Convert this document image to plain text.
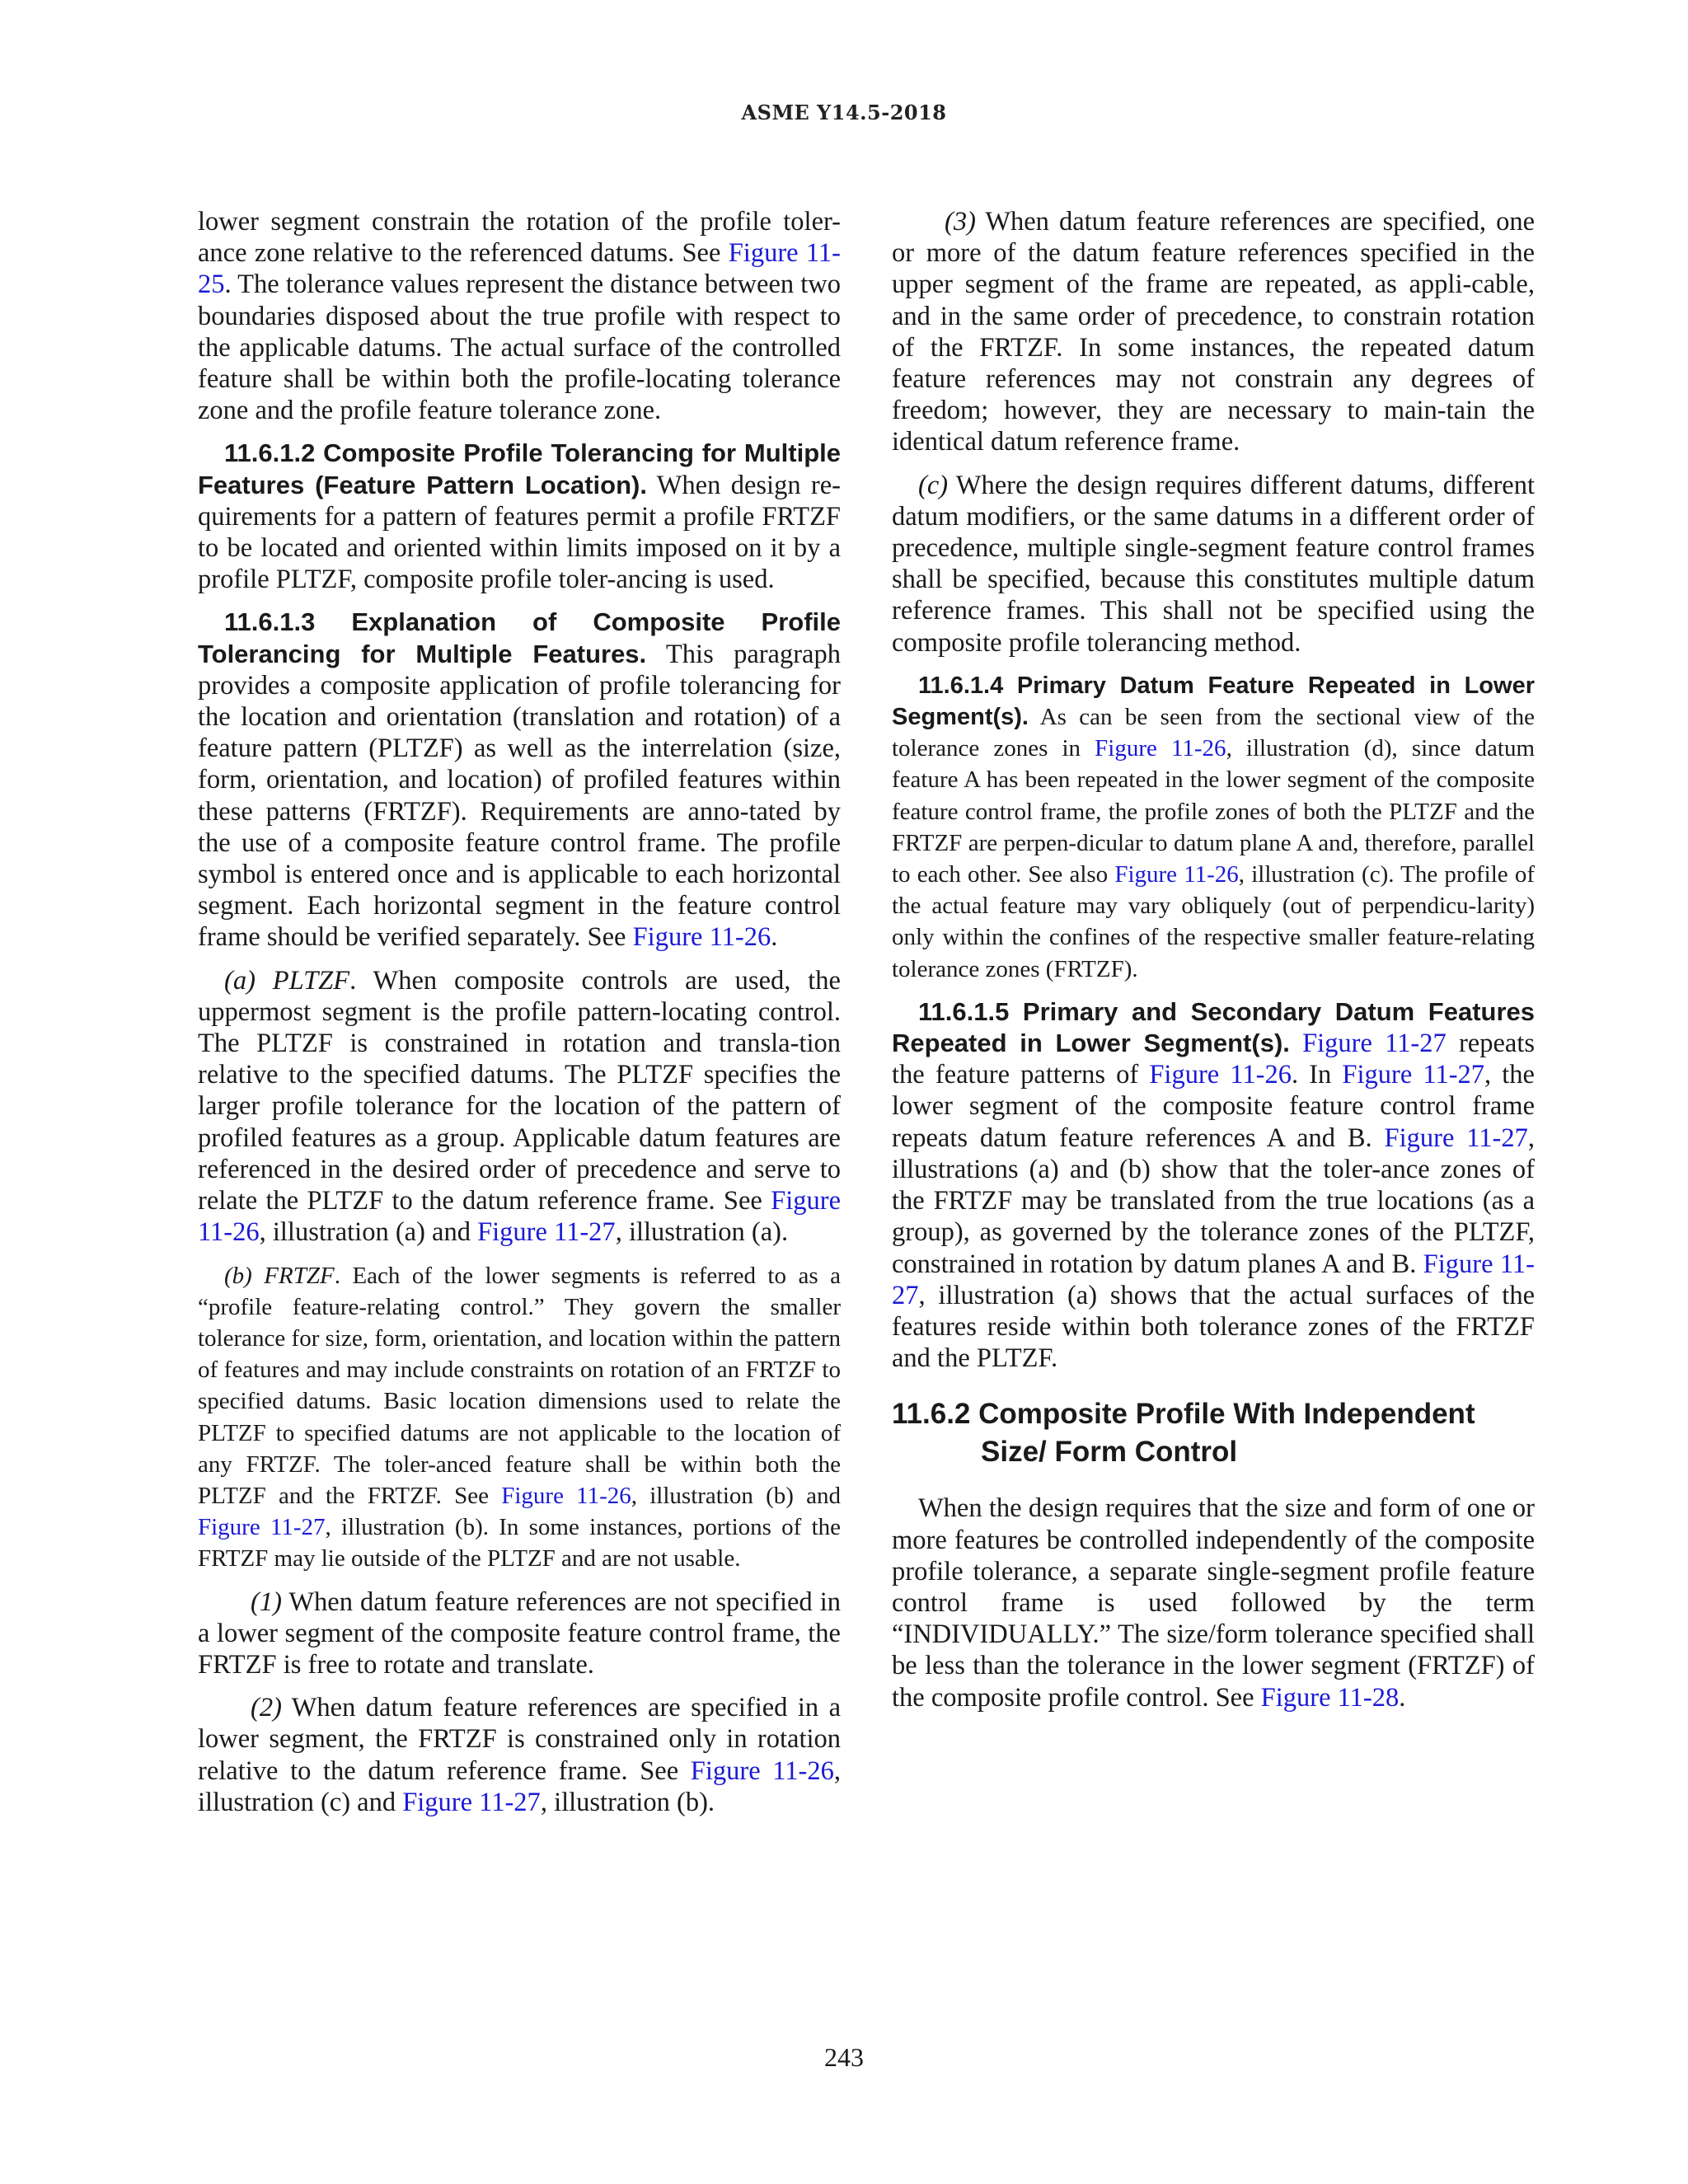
ASME Y14.5-2018

lower segment constrain the rotation of the profile toler-ance zone relative to the referenced datums. See Figure 11-25. The tolerance values represent the distance between two boundaries disposed about the true profile with respect to the applicable datums. The actual surface of the controlled feature shall be within both the profile-locating tolerance zone and the profile feature tolerance zone.

11.6.1.2 Composite Profile Tolerancing for Multiple Features (Feature Pattern Location). When design re-quirements for a pattern of features permit a profile FRTZF to be located and oriented within limits imposed on it by a profile PLTZF, composite profile toler-ancing is used.

11.6.1.3 Explanation of Composite Profile Tolerancing for Multiple Features. This paragraph provides a composite application of profile tolerancing for the location and orientation (translation and rotation) of a feature pattern (PLTZF) as well as the interrelation (size, form, orientation, and location) of profiled features within these patterns (FRTZF). Requirements are anno-tated by the use of a composite feature control frame. The profile symbol is entered once and is applicable to each horizontal segment. Each horizontal segment in the feature control frame should be verified separately. See Figure 11-26.

(a) PLTZF. When composite controls are used, the uppermost segment is the profile pattern-locating control. The PLTZF is constrained in rotation and transla-tion relative to the specified datums. The PLTZF specifies the larger profile tolerance for the location of the pattern of profiled features as a group. Applicable datum features are referenced in the desired order of precedence and serve to relate the PLTZF to the datum reference frame. See Figure 11-26, illustration (a) and Figure 11-27, illustration (a).

(b) FRTZF. Each of the lower segments is referred to as a “profile feature-relating control.” They govern the smaller tolerance for size, form, orientation, and location within the pattern of features and may include constraints on rotation of an FRTZF to specified datums. Basic location dimensions used to relate the PLTZF to specified datums are not applicable to the location of any FRTZF. The toler-anced feature shall be within both the PLTZF and the FRTZF. See Figure 11-26, illustration (b) and Figure 11-27, illustration (b). In some instances, portions of the FRTZF may lie outside of the PLTZF and are not usable.

(1) When datum feature references are not specified in a lower segment of the composite feature control frame, the FRTZF is free to rotate and translate.

(2) When datum feature references are specified in a lower segment, the FRTZF is constrained only in rotation relative to the datum reference frame. See Figure 11-26, illustration (c) and Figure 11-27, illustration (b).

(3) When datum feature references are specified, one or more of the datum feature references specified in the upper segment of the frame are repeated, as appli-cable, and in the same order of precedence, to constrain rotation of the FRTZF. In some instances, the repeated datum feature references may not constrain any degrees of freedom; however, they are necessary to main-tain the identical datum reference frame.

(c) Where the design requires different datums, different datum modifiers, or the same datums in a different order of precedence, multiple single-segment feature control frames shall be specified, because this constitutes multiple datum reference frames. This shall not be specified using the composite profile tolerancing method.

11.6.1.4 Primary Datum Feature Repeated in Lower Segment(s). As can be seen from the sectional view of the tolerance zones in Figure 11-26, illustration (d), since datum feature A has been repeated in the lower segment of the composite feature control frame, the profile zones of both the PLTZF and the FRTZF are perpen-dicular to datum plane A and, therefore, parallel to each other. See also Figure 11-26, illustration (c). The profile of the actual feature may vary obliquely (out of perpendicu-larity) only within the confines of the respective smaller feature-relating tolerance zones (FRTZF).

11.6.1.5 Primary and Secondary Datum Features Repeated in Lower Segment(s). Figure 11-27 repeats the feature patterns of Figure 11-26. In Figure 11-27, the lower segment of the composite feature control frame repeats datum feature references A and B. Figure 11-27, illustrations (a) and (b) show that the toler-ance zones of the FRTZF may be translated from the true locations (as a group), as governed by the tolerance zones of the PLTZF, constrained in rotation by datum planes A and B. Figure 11-27, illustration (a) shows that the actual surfaces of the features reside within both tolerance zones of the FRTZF and the PLTZF.

11.6.2 Composite Profile With Independent
Size/ Form Control

When the design requires that the size and form of one or more features be controlled independently of the composite profile tolerance, a separate single-segment profile feature control frame is used followed by the term “INDIVIDUALLY.” The size/form tolerance specified shall be less than the tolerance in the lower segment (FRTZF) of the composite profile control. See Figure 11-28.

243
